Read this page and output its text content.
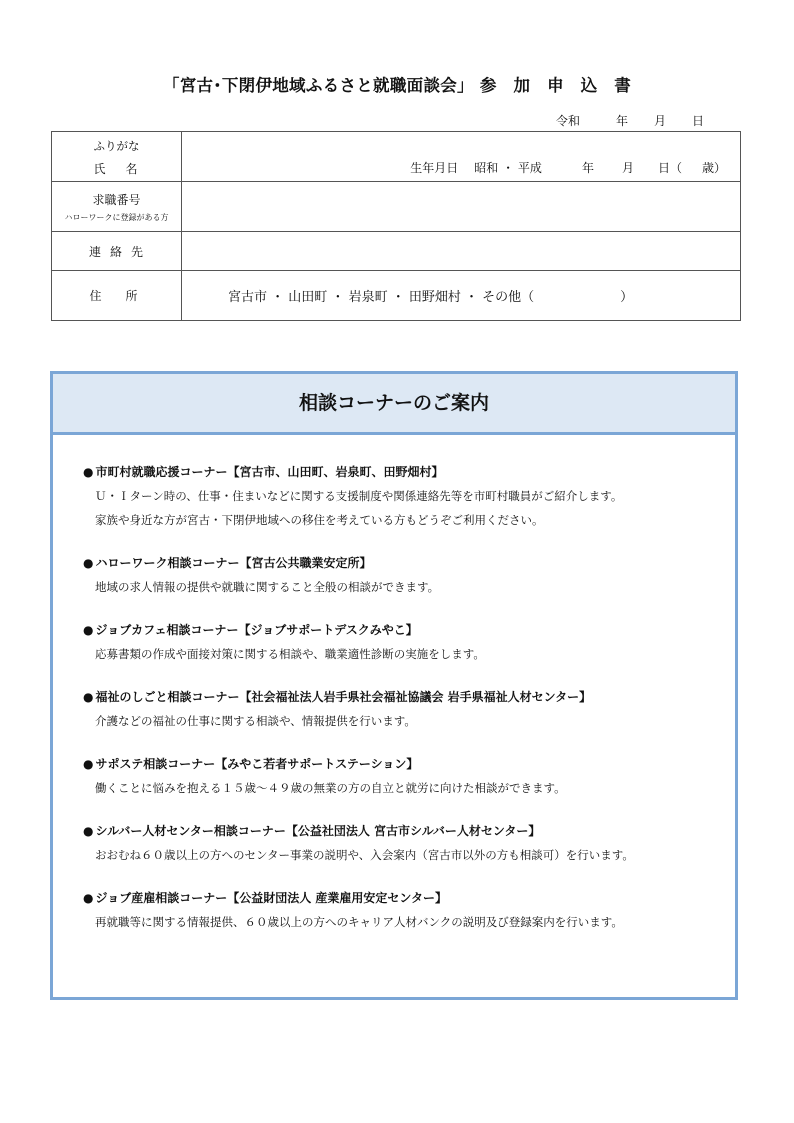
「宮古･下閉伊地域ふるさと就職面談会」 参　加　申　込　書
令和	年 月 日
ふりがな
氏名	生年月日 昭和 ・ 平成 年 月 日（ 歳）

求職番号
ハローワークに登録がある方	

連絡先	

住　所	宮古市 ・ 山田町 ・ 岩泉町 ・ 田野畑村 ・ その他（ ）
相談コーナーのご案内
● 市町村就職応援コーナー【宮古市、山田町、岩泉町、田野畑村】
Ｕ・Ｉターン時の、仕事・住まいなどに関する支援制度や関係連絡先等を市町村職員がご紹介します。
家族や身近な方が宮古・下閉伊地域への移住を考えている方もどうぞご利用ください。
● ハローワーク相談コーナー【宮古公共職業安定所】
地域の求人情報の提供や就職に関すること全般の相談ができます。
● ジョブカフェ相談コーナー【ジョブサポートデスクみやこ】
応募書類の作成や面接対策に関する相談や、職業適性診断の実施をします。
● 福祉のしごと相談コーナー【社会福祉法人岩手県社会福祉協議会 岩手県福祉人材センター】
介護などの福祉の仕事に関する相談や、情報提供を行います。
● サポステ相談コーナー【みやこ若者サポートステーション】
働くことに悩みを抱える１５歳～４９歳の無業の方の自立と就労に向けた相談ができます。
● シルバー人材センター相談コーナー【公益社団法人 宮古市シルバー人材センター】
おおむね６０歳以上の方へのセンター事業の説明や、入会案内（宮古市以外の方も相談可）を行います。
● ジョブ産雇相談コーナー【公益財団法人 産業雇用安定センター】
再就職等に関する情報提供、６０歳以上の方へのキャリア人材バンクの説明及び登録案内を行います。
